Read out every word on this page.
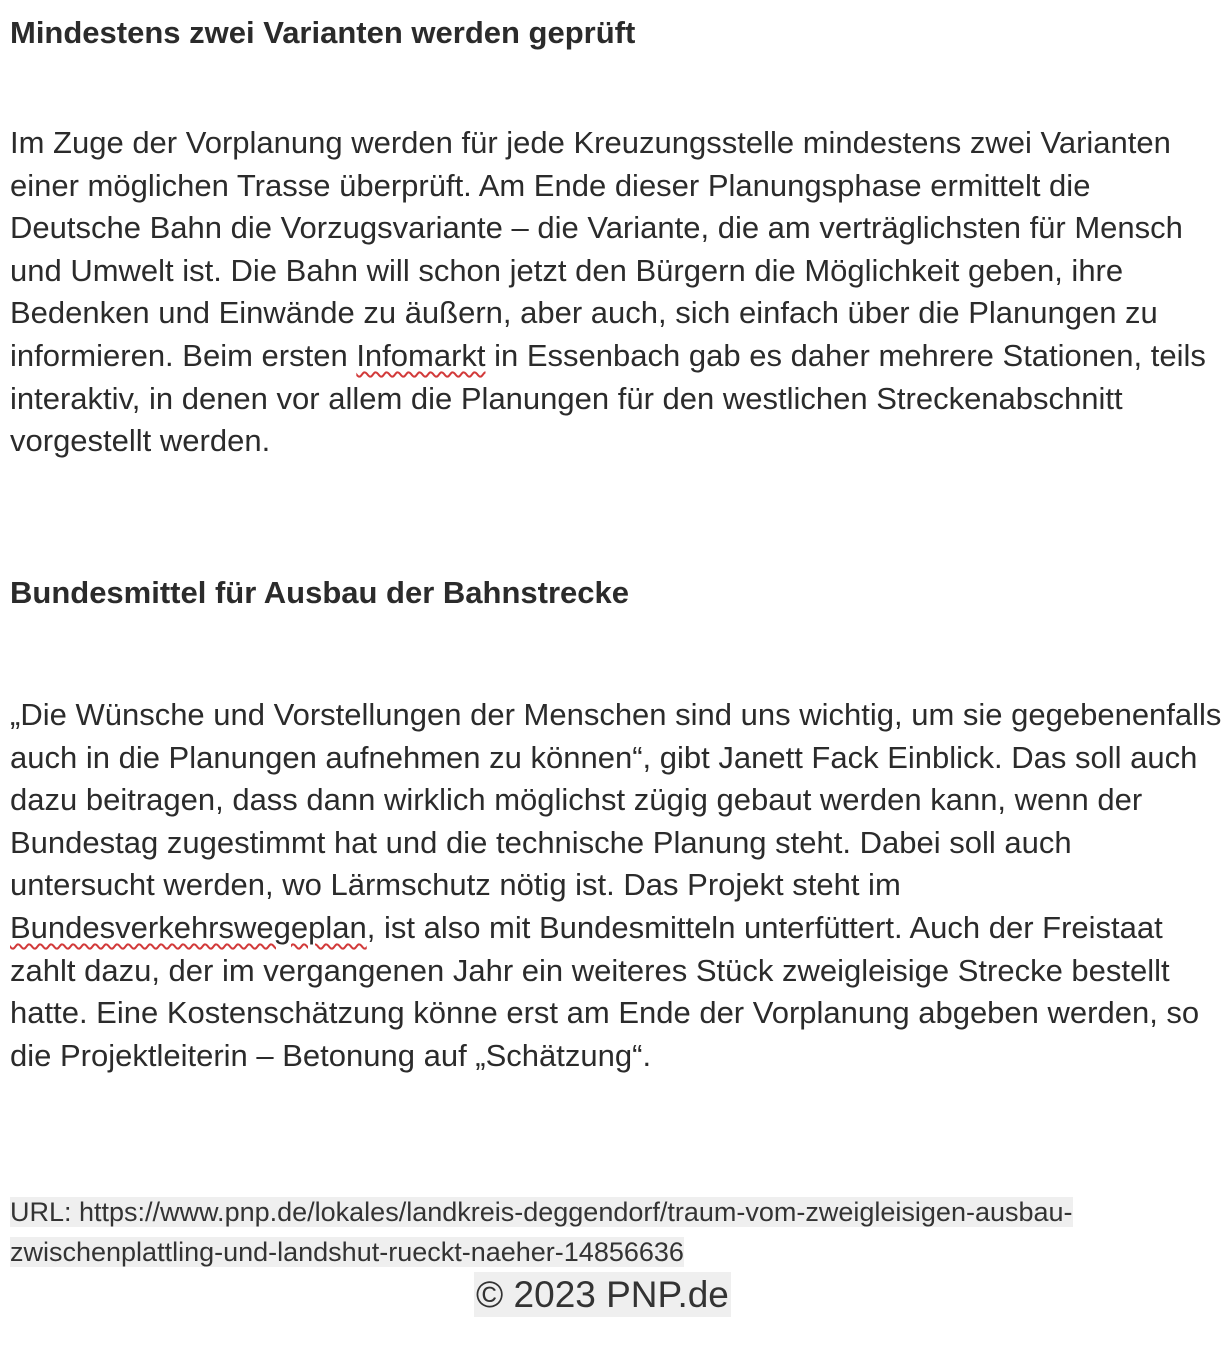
Mindestens zwei Varianten werden geprüft

Im Zuge der Vorplanung werden für jede Kreuzungsstelle mindestens zwei Varianten einer möglichen Trasse überprüft. Am Ende dieser Planungsphase ermittelt die Deutsche Bahn die Vorzugsvariante – die Variante, die am verträglichsten für Mensch und Umwelt ist. Die Bahn will schon jetzt den Bürgern die Möglichkeit geben, ihre Bedenken und Einwände zu äußern, aber auch, sich einfach über die Planungen zu informieren. Beim ersten Infomarkt in Essenbach gab es daher mehrere Stationen, teils interaktiv, in denen vor allem die Planungen für den westlichen Streckenabschnitt vorgestellt werden.

Bundesmittel für Ausbau der Bahnstrecke

„Die Wünsche und Vorstellungen der Menschen sind uns wichtig, um sie gegebenenfalls auch in die Planungen aufnehmen zu können“, gibt Janett Fack Einblick. Das soll auch dazu beitragen, dass dann wirklich möglichst zügig gebaut werden kann, wenn der Bundestag zugestimmt hat und die technische Planung steht. Dabei soll auch untersucht werden, wo Lärmschutz nötig ist. Das Projekt steht im Bundesverkehrswegeplan, ist also mit Bundesmitteln unterfüttert. Auch der Freistaat zahlt dazu, der im vergangenen Jahr ein weiteres Stück zweigleisige Strecke bestellt hatte. Eine Kostenschätzung könne erst am Ende der Vorplanung abgeben werden, so die Projektleiterin – Betonung auf „Schätzung“.

URL: https://www.pnp.de/lokales/landkreis-deggendorf/traum-vom-zweigleisigen-ausbau-zwischenplattling-und-landshut-rueckt-naeher-14856636
© 2023 PNP.de
